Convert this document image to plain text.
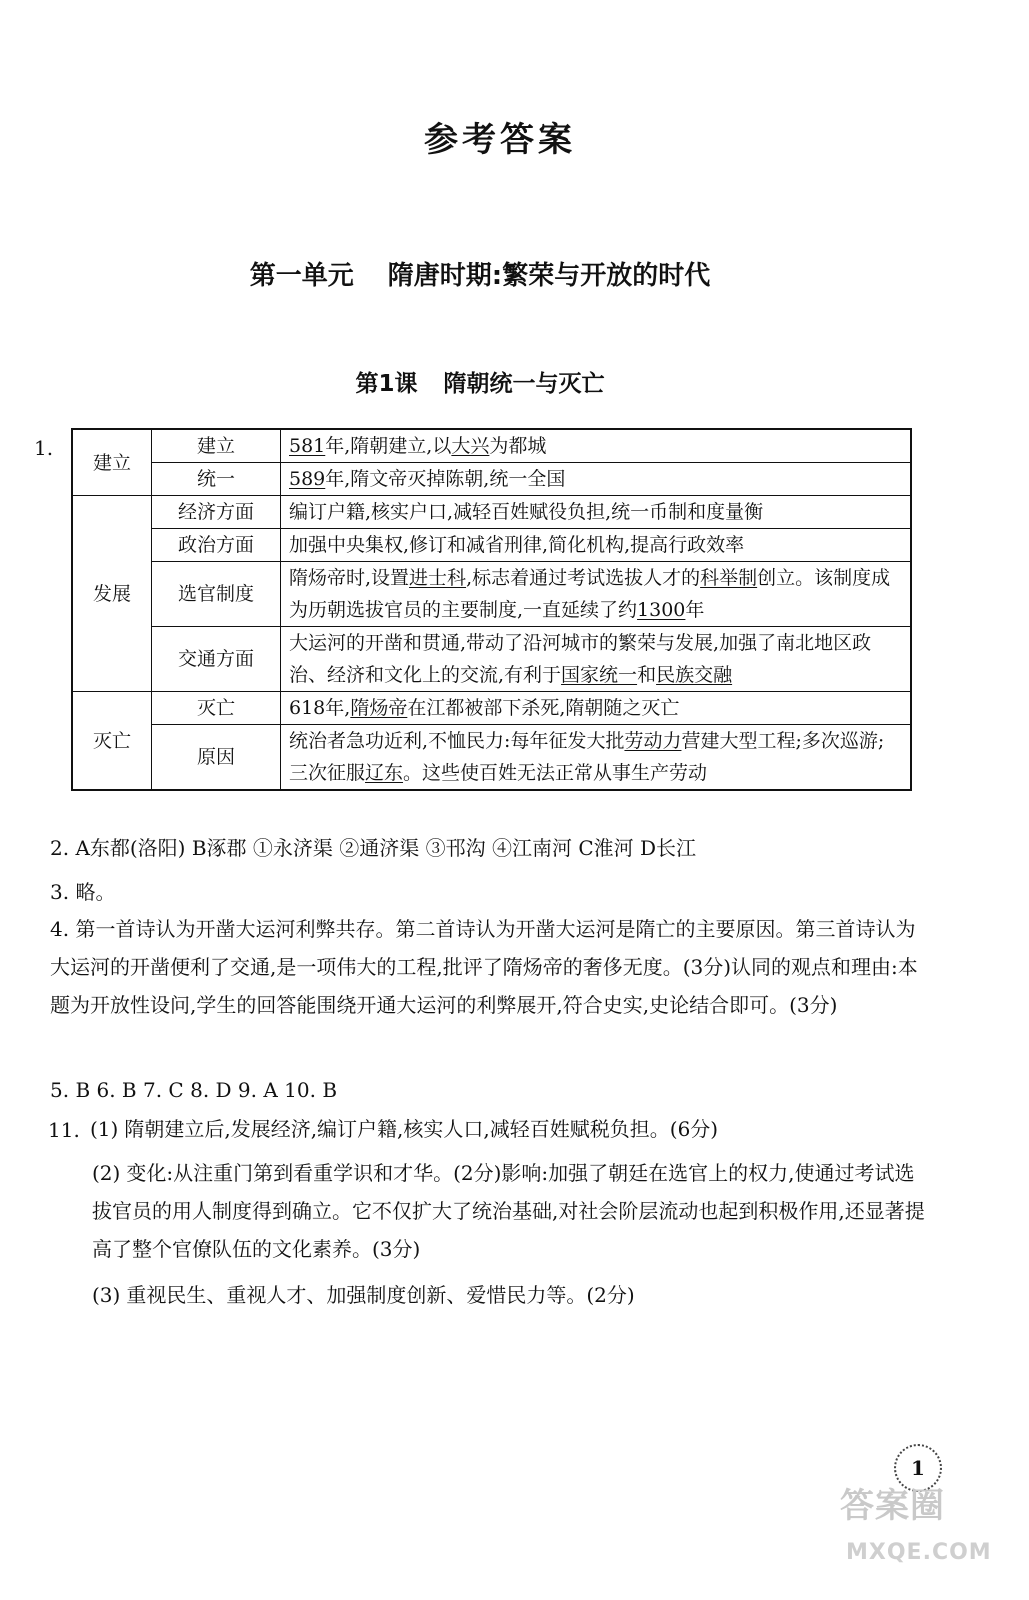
参考答案
第一单元 隋唐时期:繁荣与开放的时代
第1课 隋朝统一与灭亡
1.
建立	建立	581年,隋朝建立,以大兴为都城
	统一	589年,隋文帝灭掉陈朝,统一全国
发展	经济方面	编订户籍,核实户口,减轻百姓赋役负担,统一币制和度量衡
	政治方面	加强中央集权,修订和减省刑律,简化机构,提高行政效率
	选官制度	隋炀帝时,设置进士科,标志着通过考试选拔人才的科举制创立。该制度成为历朝选拔官员的主要制度,一直延续了约1300年
	交通方面	大运河的开凿和贯通,带动了沿河城市的繁荣与发展,加强了南北地区政治、经济和文化上的交流,有利于国家统一和民族交融
灭亡	灭亡	618年,隋炀帝在江都被部下杀死,隋朝随之灭亡
	原因	统治者急功近利,不恤民力:每年征发大批劳动力营建大型工程;多次巡游;三次征服辽东。这些使百姓无法正常从事生产劳动
2. A东都(洛阳) B涿郡 ①永济渠 ②通济渠 ③邗沟 ④江南河 C淮河 D长江
3. 略。
4. 第一首诗认为开凿大运河利弊共存。第二首诗认为开凿大运河是隋亡的主要原因。第三首诗认为大运河的开凿便利了交通,是一项伟大的工程,批评了隋炀帝的奢侈无度。(3分)认同的观点和理由:本题为开放性设问,学生的回答能围绕开通大运河的利弊展开,符合史实,史论结合即可。(3分)
5. B 6. B 7. C 8. D 9. A 10. B
11. (1) 隋朝建立后,发展经济,编订户籍,核实人口,减轻百姓赋税负担。(6分)
(2) 变化:从注重门第到看重学识和才华。(2分)影响:加强了朝廷在选官上的权力,使通过考试选拔官员的用人制度得到确立。它不仅扩大了统治基础,对社会阶层流动也起到积极作用,还显著提高了整个官僚队伍的文化素养。(3分)
(3) 重视民生、重视人才、加强制度创新、爱惜民力等。(2分)
1
答案圈
MXQE.COM
